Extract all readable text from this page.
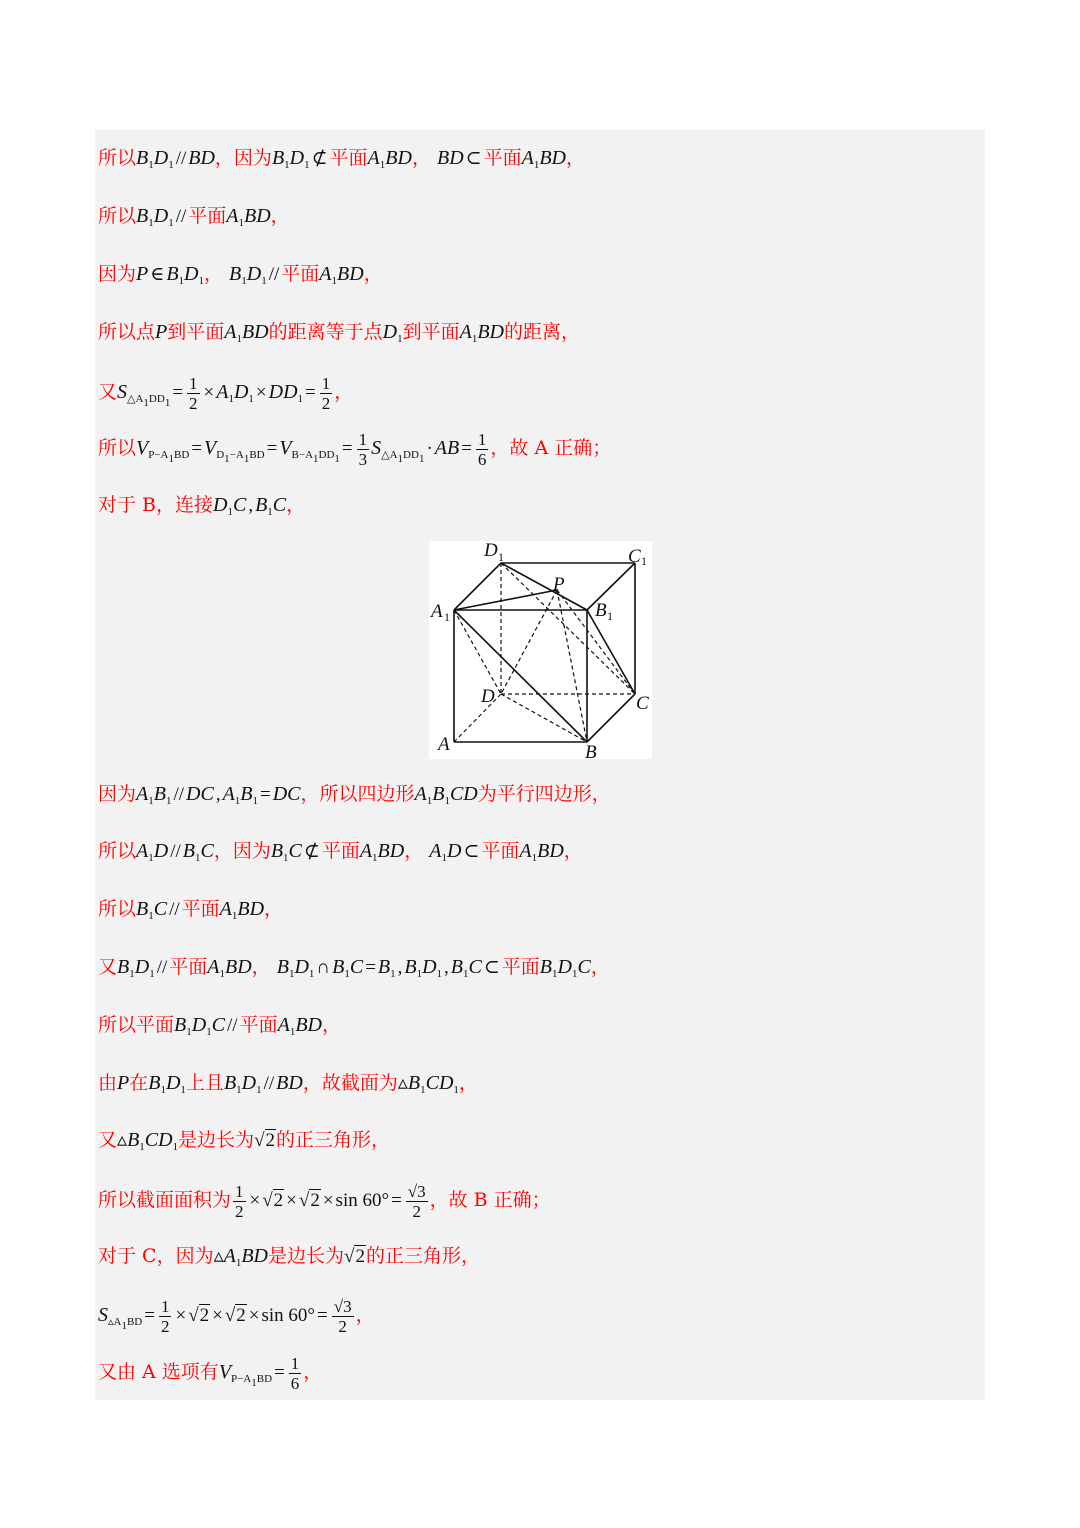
所以$B_1D_1$ // BD，因为$B_1D_1$ ⊄ 平面$A_1BD$， BD ⊂ 平面$A_1BD$，
所以$B_1D_1$ // 平面$A_1BD$，
因为P ∈ $B_1D_1$， $B_1D_1$ // 平面$A_1BD$，
所以点P到平面$A_1BD$的距离等于点$D_1$到平面$A_1BD$的距离，
又$S_{\triangle A_1DD_1} = \frac{1}{2} \times A_1D_1 \times DD_1 = \frac{1}{2}$ ，
所以$V_{P-A_1BD} = V_{D_1-A_1BD} = V_{B-A_1DD_1} = \frac{1}{3} S_{\triangle A_1DD_1}$ · AB = $\frac{1}{6}$ ，故 A 正确；
对于 B，连接$D_1C$ , $B_1C$，
D 1	C 1
P
A 1	B 1
D	C
A	B
因为$A_1B_1$ // DC , $A_1B_1$ = DC，所以四边形$A_1B_1CD$为平行四边形，
所以$A_1D // B_1C$，因为$B_1C$ ⊄ 平面$A_1BD$， $A_1D$ ⊂ 平面$A_1BD$，
所以$B_1C$ // 平面$A_1BD$，
又$B_1D_1$ // 平面$A_1BD$， $B_1D_1$ ∩ $B_1C = B_1$ , $B_1D_1$ , $B_1C$ ⊂ 平面$B_1D_1C$，
所以平面$B_1D_1C$ // 平面$A_1BD$，
由P在$B_1D_1$上且$B_1D_1$ // BD，故截面为$▵B_1CD_1$，
又$▵B_1CD_1$是边长为√2的正三角形，
所以截面面积为 $\frac{1}{2} \times √2 \times √2 \times \sin 60^\circ = \frac{√3}{2}$ ，故 B 正确；
对于 C，因为$▵A_1BD$是边长为√2的正三角形，
$S_{▵A_1BD} = \frac{1}{2} \times √2 \times √2 \times \sin 60^\circ = \frac{√3}{2}$ ，
又由 A 选项有$V_{P-A_1BD} = \frac{1}{6}$ ，
